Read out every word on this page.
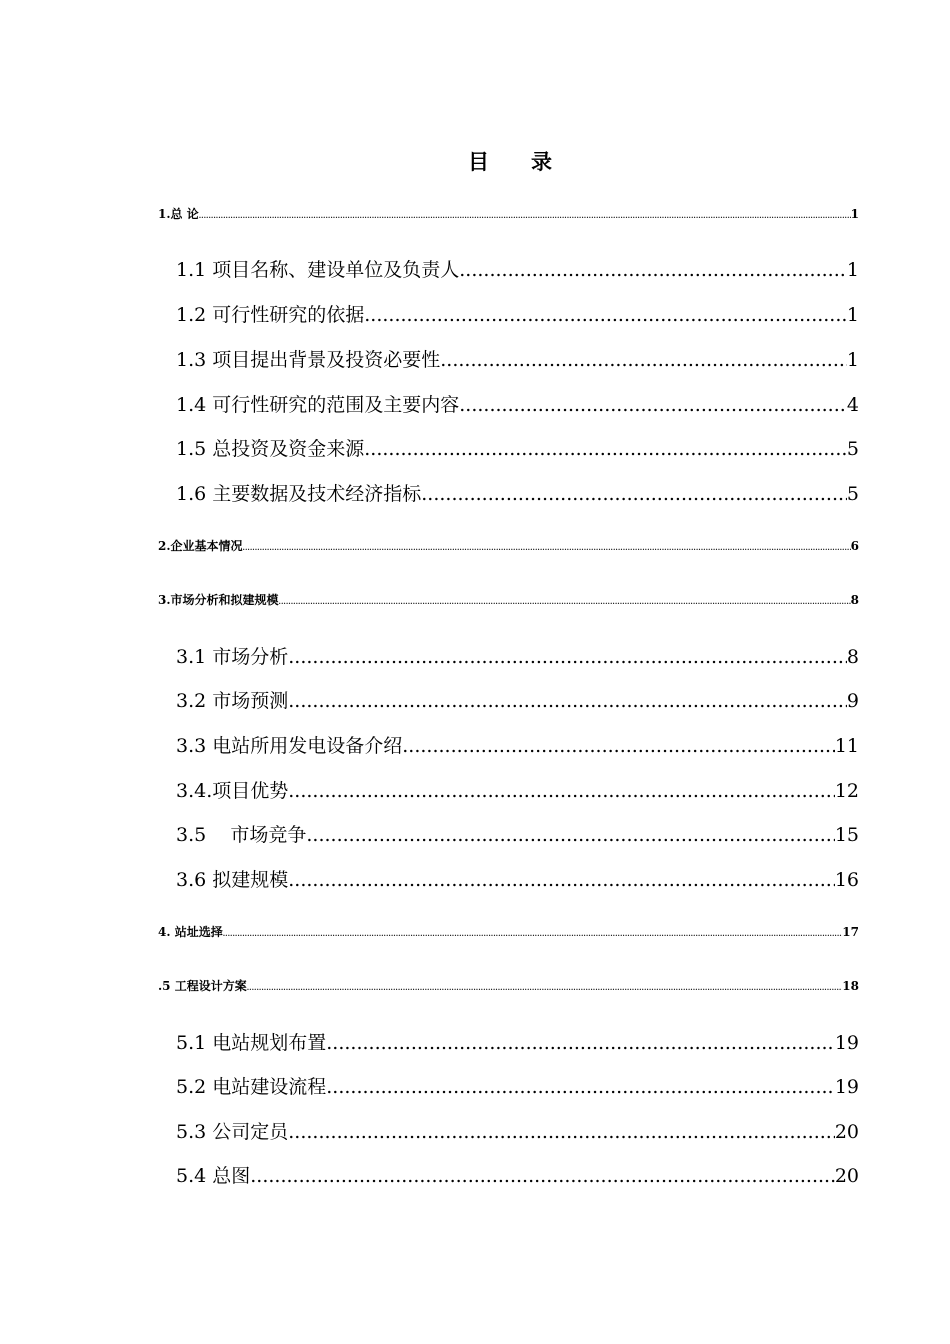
目 录
1.总 论 .....	1
1.1 项目名称、建设单位及负责人 .....	1
1.2 可行性研究的依据 .....	1
1.3 项目提出背景及投资必要性 .....	1
1.4 可行性研究的范围及主要内容 .....	4
1.5 总投资及资金来源 .....	5
1.6 主要数据及技术经济指标 .....	5
2.企业基本情况 .....	6
3.市场分析和拟建规模 .....	8
3.1 市场分析 .....	8
3.2 市场预测 .....	9
3.3 电站所用发电设备介绍 .....	11
3.4.项目优势 .....	12
3.5    市场竞争 .....	15
3.6 拟建规模 .....	16
4. 站址选择 .....	17
.5 工程设计方案 .....	18
5.1 电站规划布置 .....	19
5.2 电站建设流程 .....	19
5.3 公司定员 .....	20
5.4 总图 .....	20
